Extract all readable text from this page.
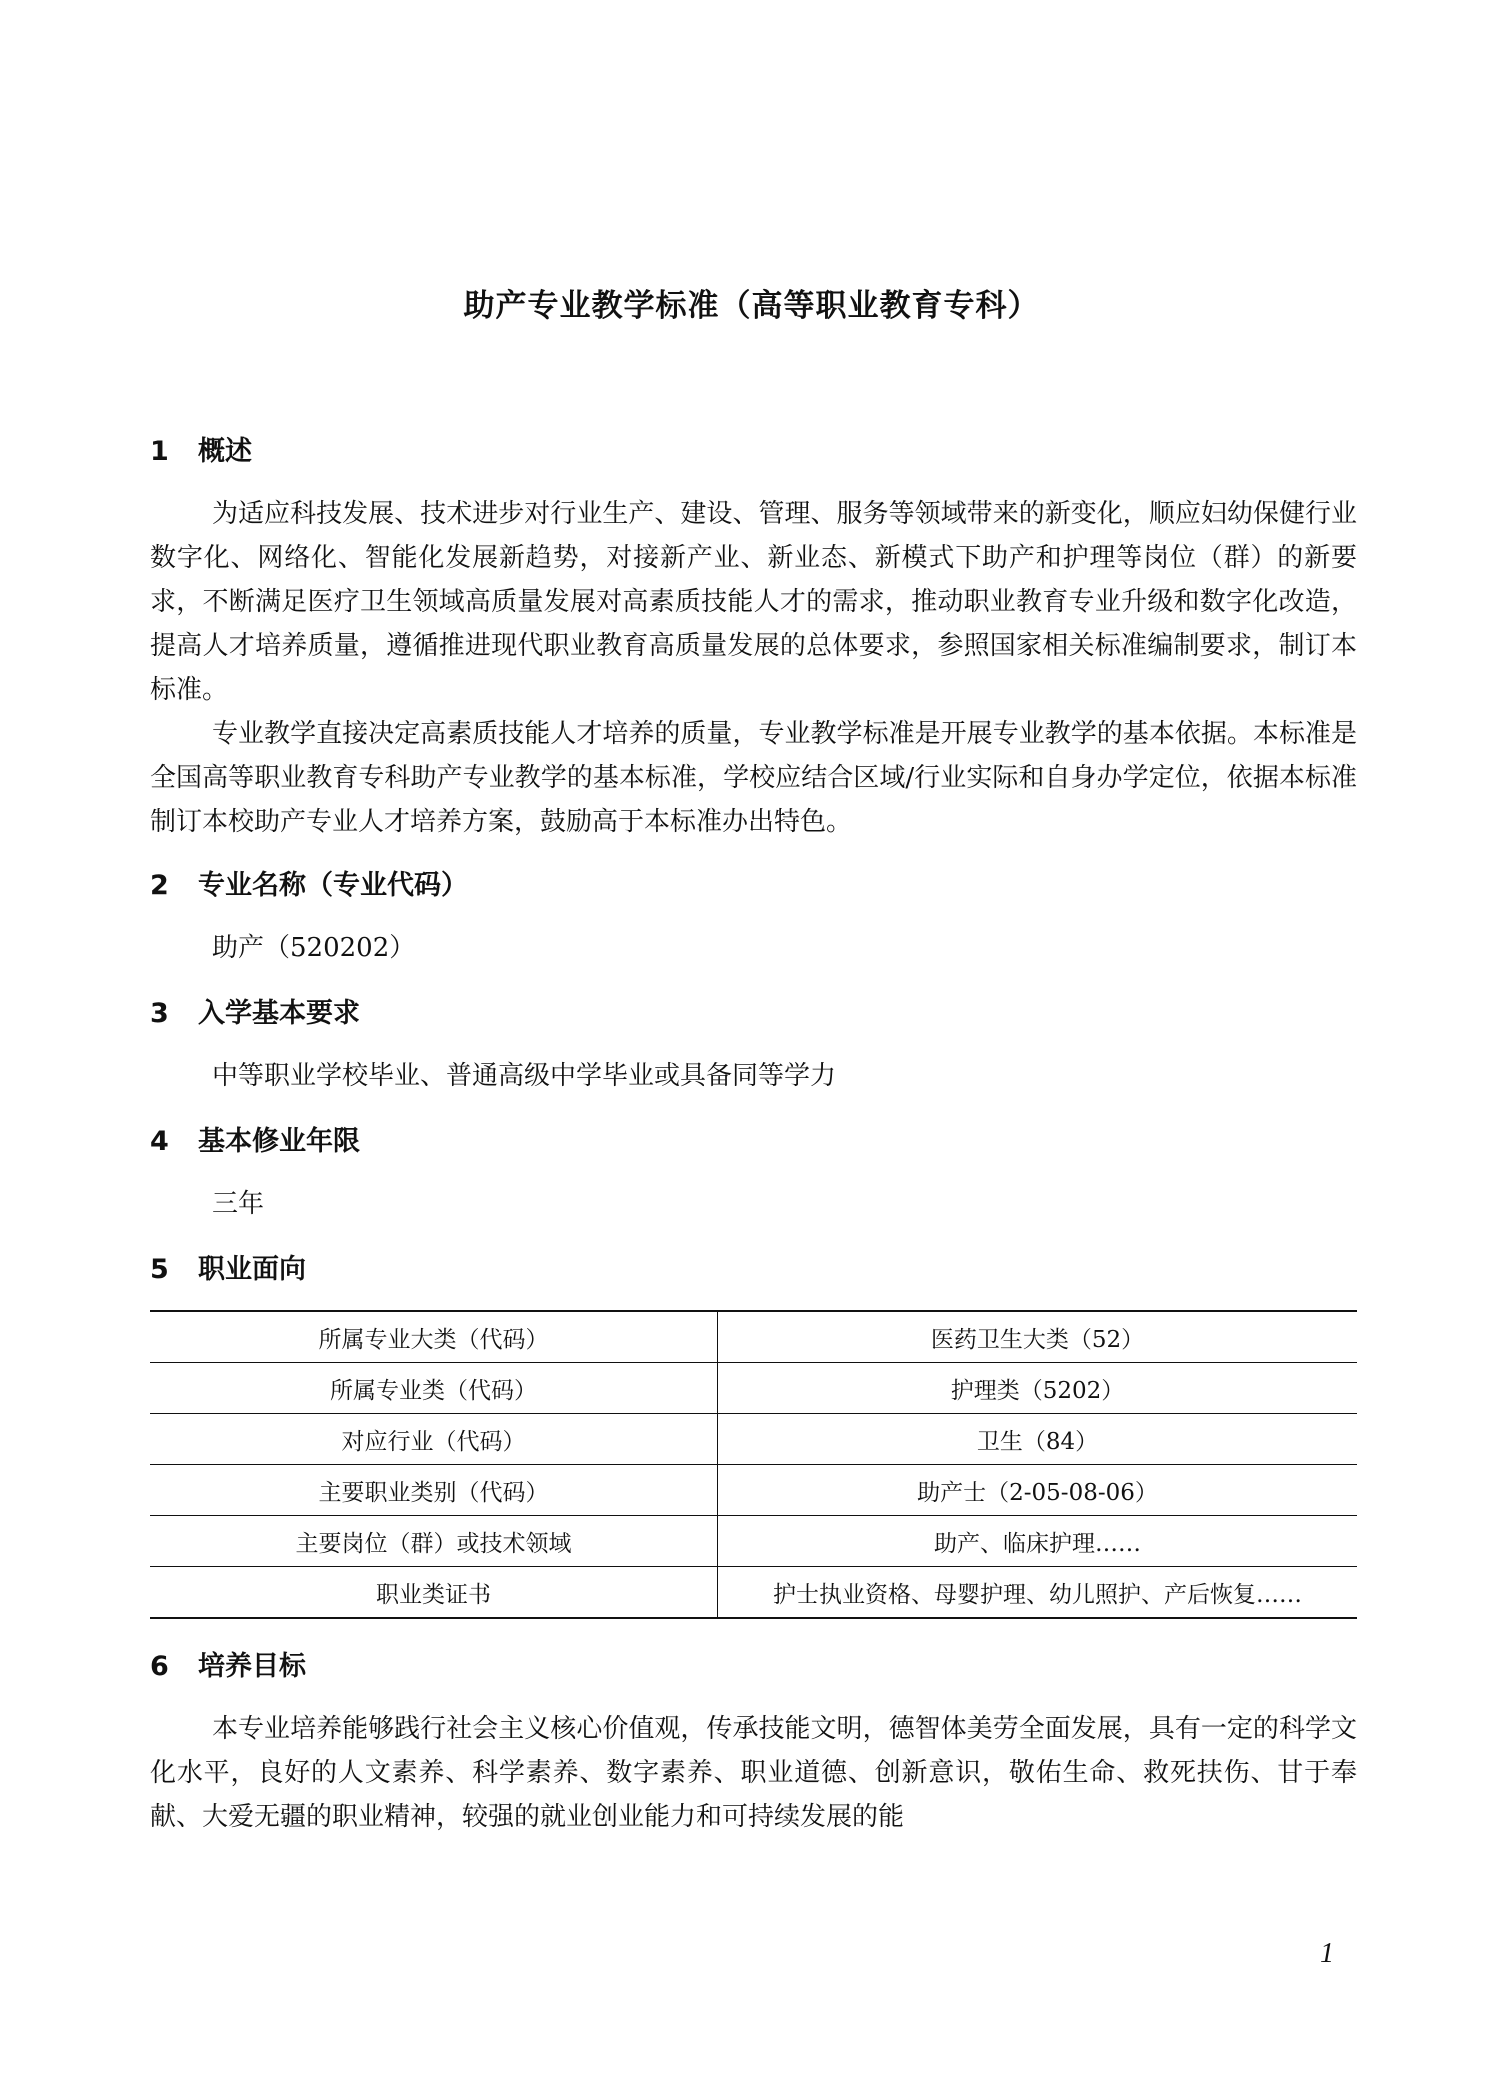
助产专业教学标准（高等职业教育专科）
1 概述

为适应科技发展、技术进步对行业生产、建设、管理、服务等领域带来的新变化，顺应妇幼保健行业数字化、网络化、智能化发展新趋势，对接新产业、新业态、新模式下助产和护理等岗位（群）的新要求，不断满足医疗卫生领域高质量发展对高素质技能人才的需求，推动职业教育专业升级和数字化改造，提高人才培养质量，遵循推进现代职业教育高质量发展的总体要求，参照国家相关标准编制要求，制订本标准。

专业教学直接决定高素质技能人才培养的质量，专业教学标准是开展专业教学的基本依据。本标准是全国高等职业教育专科助产专业教学的基本标准，学校应结合区域/行业实际和自身办学定位，依据本标准制订本校助产专业人才培养方案，鼓励高于本标准办出特色。

2 专业名称（专业代码）
助产（520202）
3 入学基本要求
中等职业学校毕业、普通高级中学毕业或具备同等学力
4 基本修业年限
三年
5 职业面向
所属专业大类（代码）	医药卫生大类（52）
所属专业类（代码）	护理类（5202）
对应行业（代码）	卫生（84）
主要职业类别（代码）	助产士（2-05-08-06）
主要岗位（群）或技术领域	助产、临床护理……
职业类证书	护士执业资格、母婴护理、幼儿照护、产后恢复……
6 培养目标

本专业培养能够践行社会主义核心价值观，传承技能文明，德智体美劳全面发展，具有一定的科学文化水平，良好的人文素养、科学素养、数字素养、职业道德、创新意识，敬佑生命、救死扶伤、甘于奉献、大爱无疆的职业精神，较强的就业创业能力和可持续发展的能

1
